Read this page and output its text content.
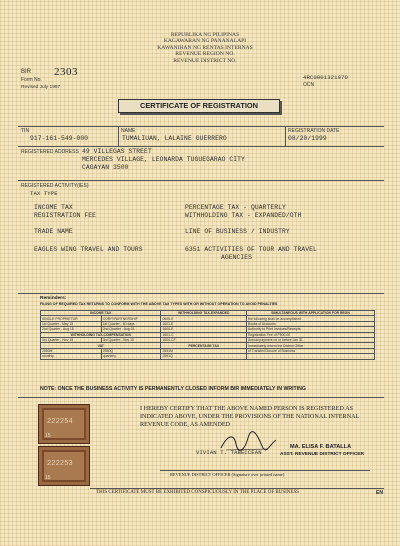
REPUBLIKA NG PILIPINAS
KAGAWARAN NG PANANALAPI
KAWANIHAN NG RENTAS INTERNAS
REVENUE REGION NO.
REVENUE DISTRICT NO.
BIR
Form No.
2303
Revised July 1997
4RC0001321970
OCN
CERTIFICATE OF REGISTRATION
TIN
917-161-549-000
NAME
TUMALIUAN, LALAINE GUERRERO
REGISTRATION DATE
08/20/1999
REGISTERED ADDRESS 49 VILLEGAS STREET
MERCEDES VILLAGE, LEONARDA TUGUEGARAO CITY
CAGAYAN 3500
REGISTERED ACTIVITY(IES)
TAX TYPE
INCOME TAX
REGISTRATION FEE
PERCENTAGE TAX - QUARTERLY
WITHHOLDING TAX - EXPANDED/OTH
TRADE NAME	LINE OF BUSINESS / INDUSTRY
EAGLES WING TRAVEL AND TOURS	6351 ACTIVITIES OF TOUR AND TRAVEL
AGENCIES
Reminders:
FILING OF REQUIRED TAX RETURNS TO CONFORM WITH THE ABOVE TAX TYPES WITH OR WITHOUT OPERATION TO AVOID PENALTIES
INCOME TAX		WITHHOLDING TAX-EXPANDED	SIMULTANEOUS WITH APPLICATION FOR REGN
SINGLE PROPRIETOR	CORP./PARTNERSHIP	0605-E	the following shall be accomplished
1st Quarter - May 15	1st Quarter - 60 days	1601-E	Books of Accounts
2nd Quarter - Aug 15	2nd Quarter - Aug 15	1604-E	Authority to Print Invoices/Receipts
WITHHOLDING TAX-COMPENSATION		1601-C	Registration Fee of P500.00
3rd Quarter - Nov 15	3rd Quarter - Nov 15	1604-CF	Annual payment on or before Jan 31
VAT		PERCENTAGE TAX	Immediately inform the District Office
2550M	2550Q	2551M	of Transfer/Closure of Business
monthly	quarterly	2551Q	
NOTE: ONCE THE BUSINESS ACTIVITY IS PERMANENTLY CLOSED INFORM BIR IMMEDIATELY IN WRITING
222254
15
222253
15
I HEREBY CERTIFY THAT THE ABOVE NAMED PERSON IS REGISTERED AS
INDICATED ABOVE, UNDER THE PROVISIONS OF THE NATIONAL INTERNAL
REVENUE CODE, AS AMENDED
VIVIAN T. TABECCEAN
MA. ELISA F. BATALLA
ASST. REVENUE DISTRICT OFFICER
REVENUE DISTRICT OFFICER (Signature over printed name)
THIS CERTIFICATE MUST BE EXHIBITED CONSPICUOUSLY IN THE PLACE OF BUSINESS	EN
